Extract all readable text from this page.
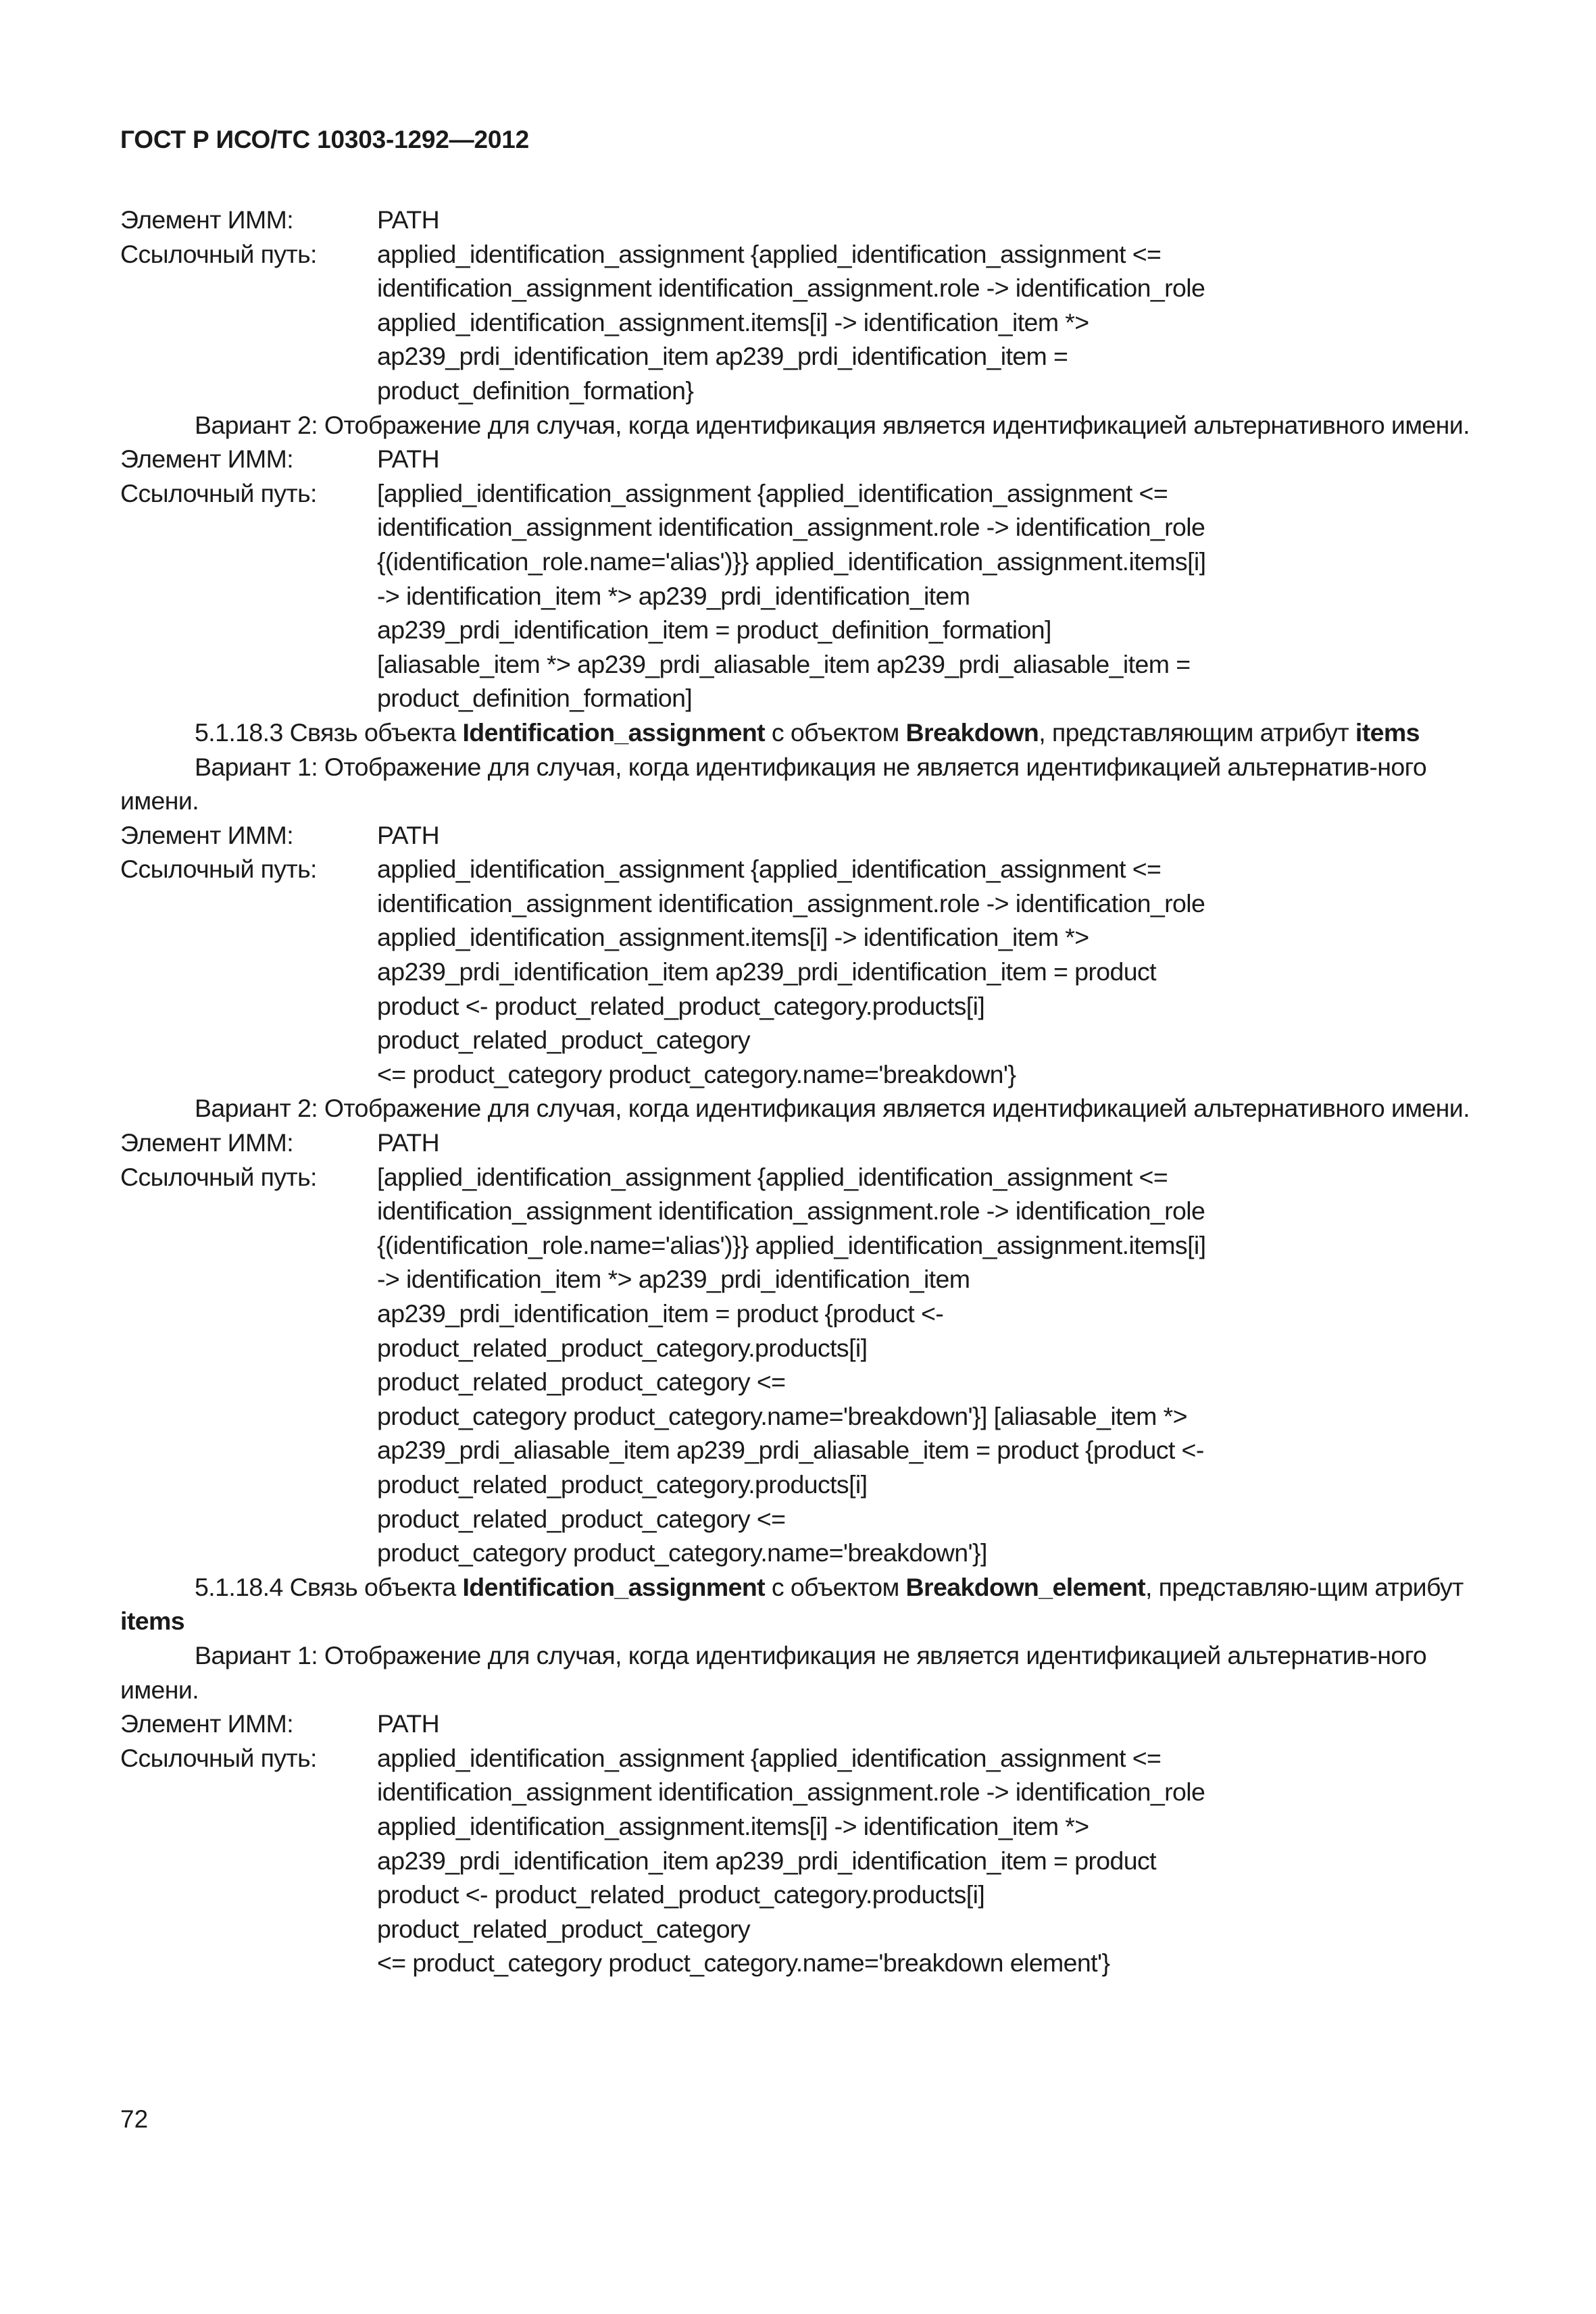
ГОСТ Р ИСО/ТС 10303-1292—2012
Элемент ИММ:	PATH
Ссылочный путь: applied_identification_assignment {applied_identification_assignment <=
identification_assignment identification_assignment.role -> identification_role
applied_identification_assignment.items[i] -> identification_item *>
ap239_prdi_identification_item ap239_prdi_identification_item =
product_definition_formation}

Вариант 2: Отображение для случая, когда идентификация является идентификацией альтернативного имени.

Элемент ИММ:	PATH
Ссылочный путь: [applied_identification_assignment {applied_identification_assignment <=
identification_assignment identification_assignment.role -> identification_role
{(identification_role.name='alias')}} applied_identification_assignment.items[i]
-> identification_item *> ap239_prdi_identification_item
ap239_prdi_identification_item = product_definition_formation]
[aliasable_item *> ap239_prdi_aliasable_item ap239_prdi_aliasable_item =
product_definition_formation]

5.1.18.3 Связь объекта Identification_assignment с объектом Breakdown, представляющим атрибут items

Вариант 1: Отображение для случая, когда идентификация не является идентификацией альтернатив-ного имени.

Элемент ИММ:	PATH
Ссылочный путь: applied_identification_assignment {applied_identification_assignment <=
identification_assignment identification_assignment.role -> identification_role
applied_identification_assignment.items[i] -> identification_item *>
ap239_prdi_identification_item ap239_prdi_identification_item = product
product <- product_related_product_category.products[i]
product_related_product_category
<= product_category product_category.name='breakdown'}

Вариант 2: Отображение для случая, когда идентификация является идентификацией альтернативного имени.

Элемент ИММ:	PATH
Ссылочный путь: [applied_identification_assignment {applied_identification_assignment <=
identification_assignment identification_assignment.role -> identification_role
{(identification_role.name='alias')}} applied_identification_assignment.items[i]
-> identification_item *> ap239_prdi_identification_item
ap239_prdi_identification_item = product {product <-
product_related_product_category.products[i]
product_related_product_category <=
product_category product_category.name='breakdown'}] [aliasable_item *>
ap239_prdi_aliasable_item ap239_prdi_aliasable_item = product {product <-
product_related_product_category.products[i]
product_related_product_category <=
product_category product_category.name='breakdown'}]

5.1.18.4 Связь объекта Identification_assignment с объектом Breakdown_element, представляю-щим атрибут items

Вариант 1: Отображение для случая, когда идентификация не является идентификацией альтернатив-ного имени.

Элемент ИММ:	PATH
Ссылочный путь: applied_identification_assignment {applied_identification_assignment <=
identification_assignment identification_assignment.role -> identification_role
applied_identification_assignment.items[i] -> identification_item *>
ap239_prdi_identification_item ap239_prdi_identification_item = product
product <- product_related_product_category.products[i]
product_related_product_category
<= product_category product_category.name='breakdown element'}
72
